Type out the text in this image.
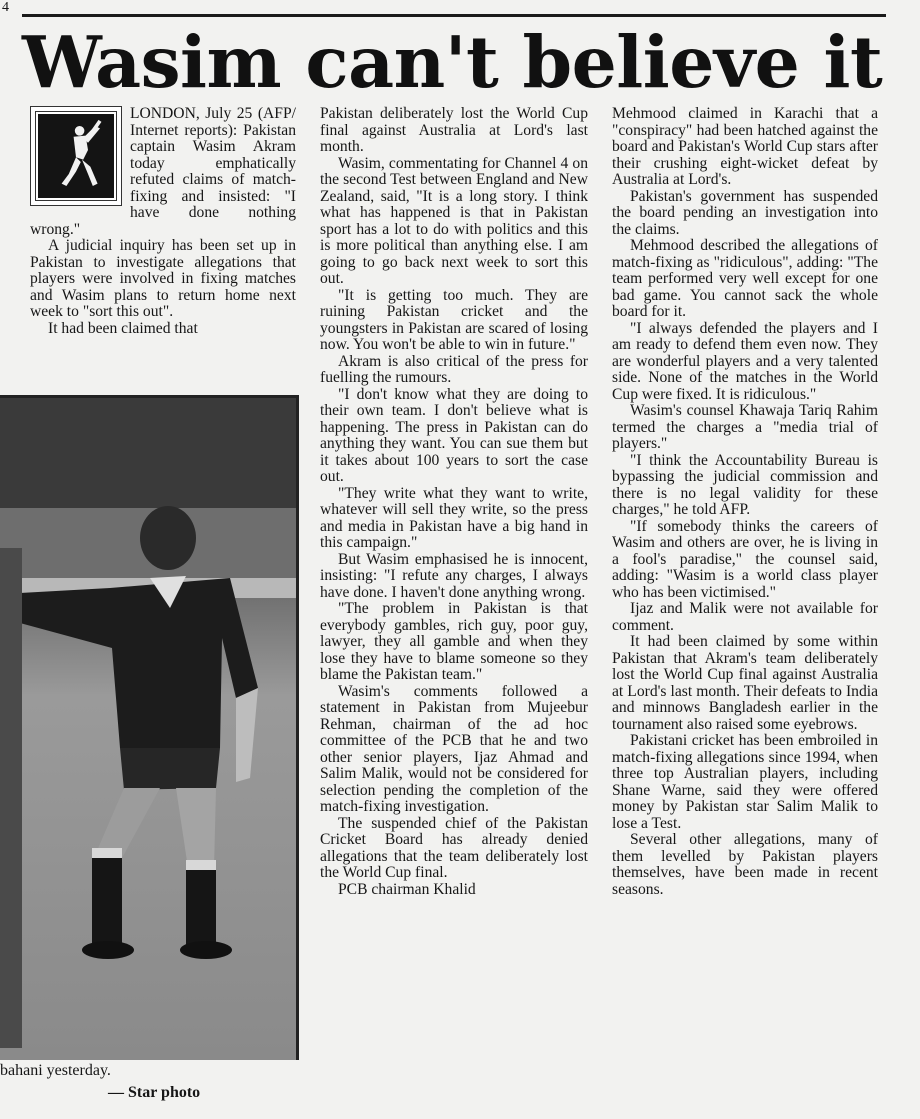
4
Wasim can't believe it

LONDON, July 25 (AFP/ Internet reports): Pakistan captain Wasim Akram today emphatically refuted claims of match-fixing and insisted: "I have done nothing wrong."

A judicial inquiry has been set up in Pakistan to investigate allegations that players were involved in fixing matches and Wasim plans to return home next week to "sort this out".

It had been claimed that

bahani yesterday.
— Star photo

Pakistan deliberately lost the World Cup final against Australia at Lord's last month.

Wasim, commentating for Channel 4 on the second Test between England and New Zealand, said, "It is a long story. I think what has happened is that in Pakistan sport has a lot to do with politics and this is more political than anything else. I am going to go back next week to sort this out.

"It is getting too much. They are ruining Pakistan cricket and the youngsters in Pakistan are scared of losing now. You won't be able to win in future."

Akram is also critical of the press for fuelling the rumours.

"I don't know what they are doing to their own team. I don't believe what is happening. The press in Pakistan can do anything they want. You can sue them but it takes about 100 years to sort the case out.

"They write what they want to write, whatever will sell they write, so the press and media in Pakistan have a big hand in this campaign."

But Wasim emphasised he is innocent, insisting: "I refute any charges, I always have done. I haven't done anything wrong.

"The problem in Pakistan is that everybody gambles, rich guy, poor guy, lawyer, they all gamble and when they lose they have to blame someone so they blame the Pakistan team."

Wasim's comments followed a statement in Pakistan from Mujeebur Rehman, chairman of the ad hoc committee of the PCB that he and two other senior players, Ijaz Ahmad and Salim Malik, would not be considered for selection pending the completion of the match-fixing investigation.

The suspended chief of the Pakistan Cricket Board has already denied allegations that the team deliberately lost the World Cup final.

PCB chairman Khalid

Mehmood claimed in Karachi that a "conspiracy" had been hatched against the board and Pakistan's World Cup stars after their crushing eight-wicket defeat by Australia at Lord's.

Pakistan's government has suspended the board pending an investigation into the claims.

Mehmood described the allegations of match-fixing as "ridiculous", adding: "The team performed very well except for one bad game. You cannot sack the whole board for it.

"I always defended the players and I am ready to defend them even now. They are wonderful players and a very talented side. None of the matches in the World Cup were fixed. It is ridiculous."

Wasim's counsel Khawaja Tariq Rahim termed the charges a "media trial of players."

"I think the Accountability Bureau is bypassing the judicial commission and there is no legal validity for these charges," he told AFP.

"If somebody thinks the careers of Wasim and others are over, he is living in a fool's paradise," the counsel said, adding: "Wasim is a world class player who has been victimised."

Ijaz and Malik were not available for comment.

It had been claimed by some within Pakistan that Akram's team deliberately lost the World Cup final against Australia at Lord's last month. Their defeats to India and minnows Bangladesh earlier in the tournament also raised some eyebrows.

Pakistani cricket has been embroiled in match-fixing allegations since 1994, when three top Australian players, including Shane Warne, said they were offered money by Pakistan star Salim Malik to lose a Test.

Several other allegations, many of them levelled by Pakistan players themselves, have been made in recent seasons.
